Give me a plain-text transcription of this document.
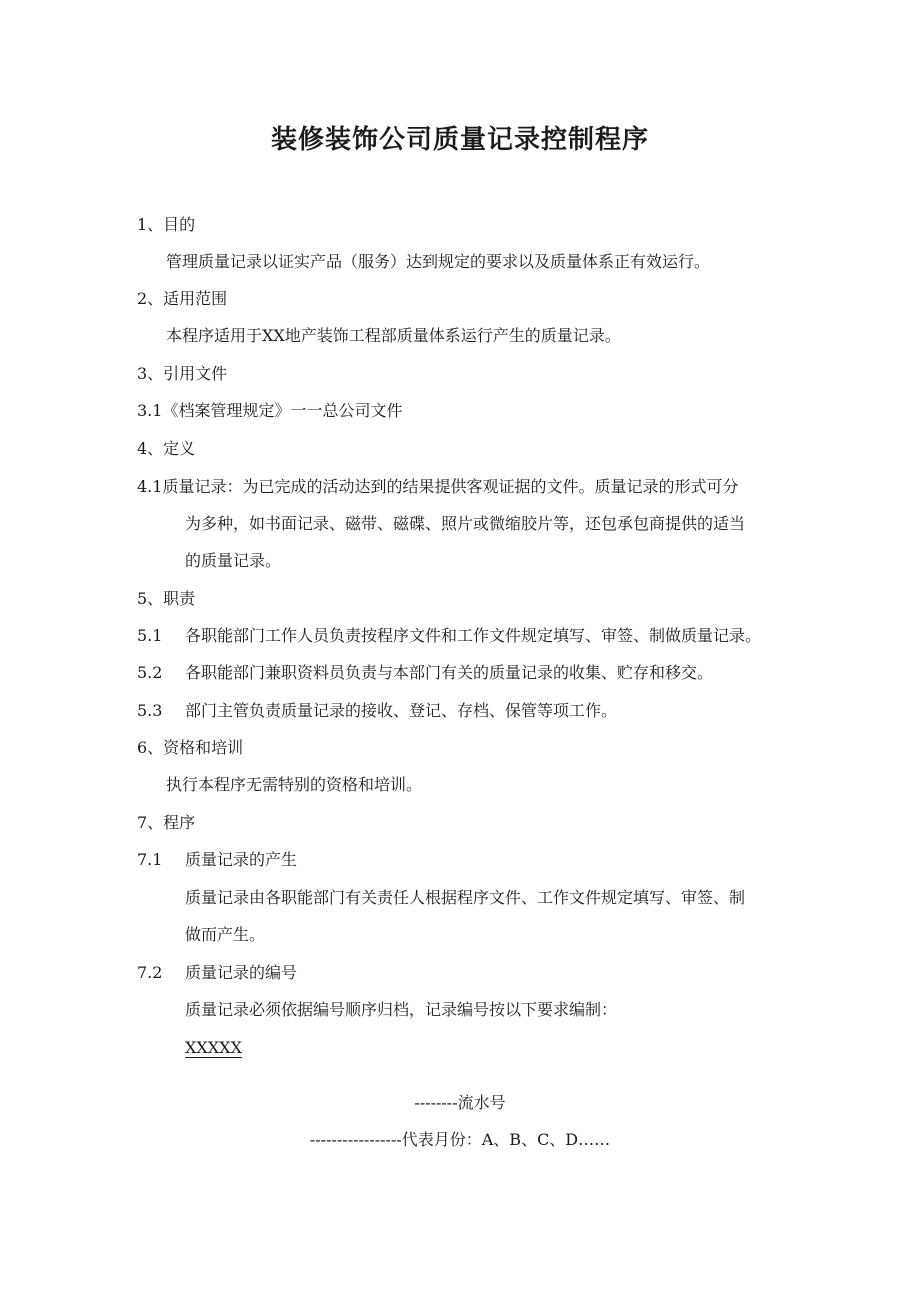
装修装饰公司质量记录控制程序
1、目的
管理质量记录以证实产品（服务）达到规定的要求以及质量体系正有效运行。
2、适用范围
本程序适用于XX地产装饰工程部质量体系运行产生的质量记录。
3、引用文件
3.1《档案管理规定》一一总公司文件
4、定义
4.1质量记录：为已完成的活动达到的结果提供客观证据的文件。质量记录的形式可分
为多种，如书面记录、磁带、磁碟、照片或微缩胶片等，还包承包商提供的适当
的质量记录。
5、职责
5.1 各职能部门工作人员负责按程序文件和工作文件规定填写、审签、制做质量记录。
5.2 各职能部门兼职资料员负责与本部门有关的质量记录的收集、贮存和移交。
5.3 部门主管负责质量记录的接收、登记、存档、保管等项工作。
6、资格和培训
执行本程序无需特别的资格和培训。
7、程序
7.1 质量记录的产生
质量记录由各职能部门有关责任人根据程序文件、工作文件规定填写、审签、制
做而产生。
7.2 质量记录的编号
质量记录必须依据编号顺序归档，记录编号按以下要求编制：
XXXXX
--------流水号
-----------------代表月份：A、B、C、D……
